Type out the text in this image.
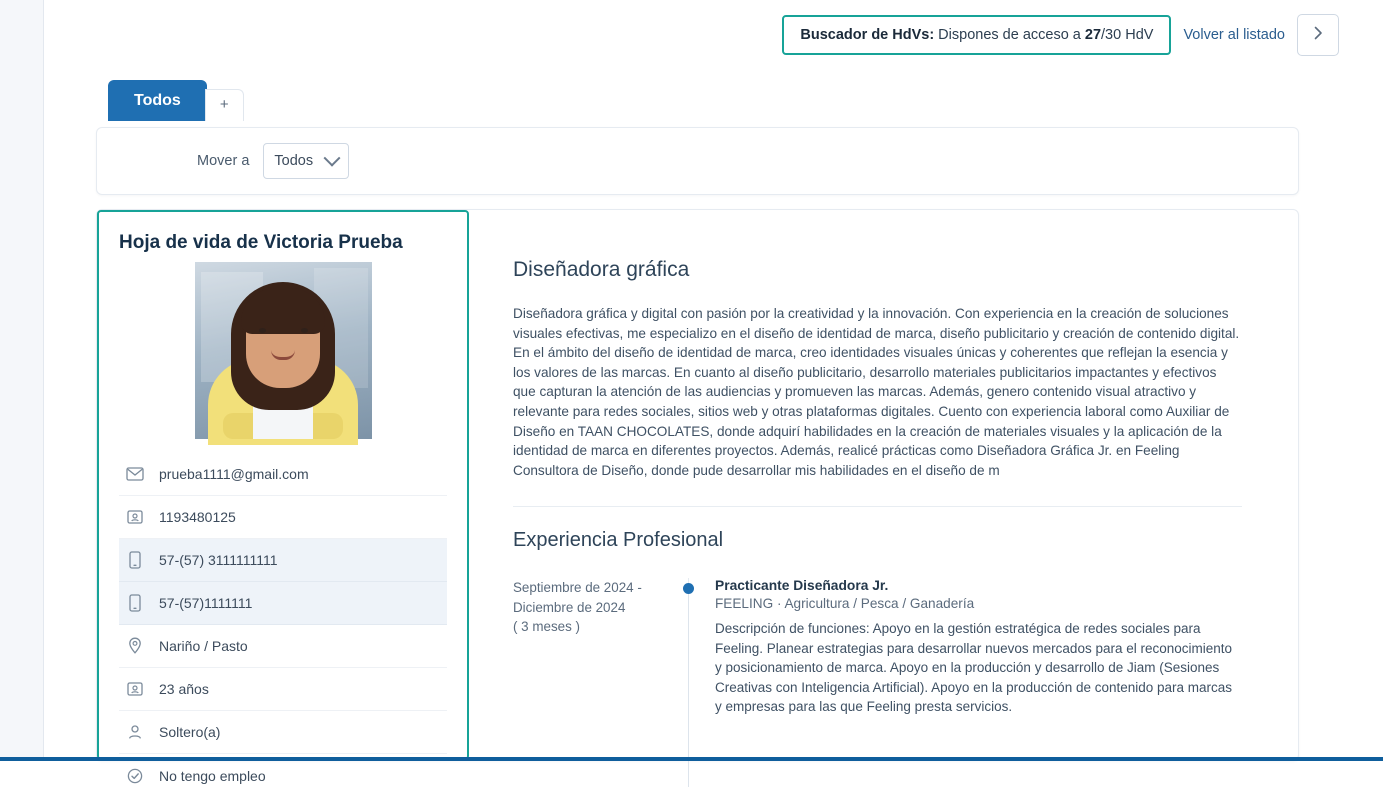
Buscador de HdVs: Dispones de acceso a 27/30 HdV	Volver al listado
Todos	+
Mover a Todos
Hoja de vida de Victoria Prueba
prueba1111@gmail.com
1193480125
57-(57) 3111111111
57-(57)1111111
Nariño / Pasto
23 años
Soltero(a)
No tengo empleo
Diseñadora gráfica

Diseñadora gráfica y digital con pasión por la creatividad y la innovación. Con experiencia en la creación de soluciones visuales efectivas, me especializo en el diseño de identidad de marca, diseño publicitario y creación de contenido digital. En el ámbito del diseño de identidad de marca, creo identidades visuales únicas y coherentes que reflejan la esencia y los valores de las marcas. En cuanto al diseño publicitario, desarrollo materiales publicitarios impactantes y efectivos que capturan la atención de las audiencias y promueven las marcas. Además, genero contenido visual atractivo y relevante para redes sociales, sitios web y otras plataformas digitales. Cuento con experiencia laboral como Auxiliar de Diseño en TAAN CHOCOLATES, donde adquirí habilidades en la creación de materiales visuales y la aplicación de la identidad de marca en diferentes proyectos. Además, realicé prácticas como Diseñadora Gráfica Jr. en Feeling Consultora de Diseño, donde pude desarrollar mis habilidades en el diseño de m

Experiencia Profesional
Septiembre de 2024 - Diciembre de 2024
( 3 meses )
Practicante Diseñadora Jr.
FEELING · Agricultura / Pesca / Ganadería
Descripción de funciones: Apoyo en la gestión estratégica de redes sociales para Feeling. Planear estrategias para desarrollar nuevos mercados para el reconocimiento y posicionamiento de marca. Apoyo en la producción y desarrollo de Jiam (Sesiones Creativas con Inteligencia Artificial). Apoyo en la producción de contenido para marcas y empresas para las que Feeling presta servicios.
